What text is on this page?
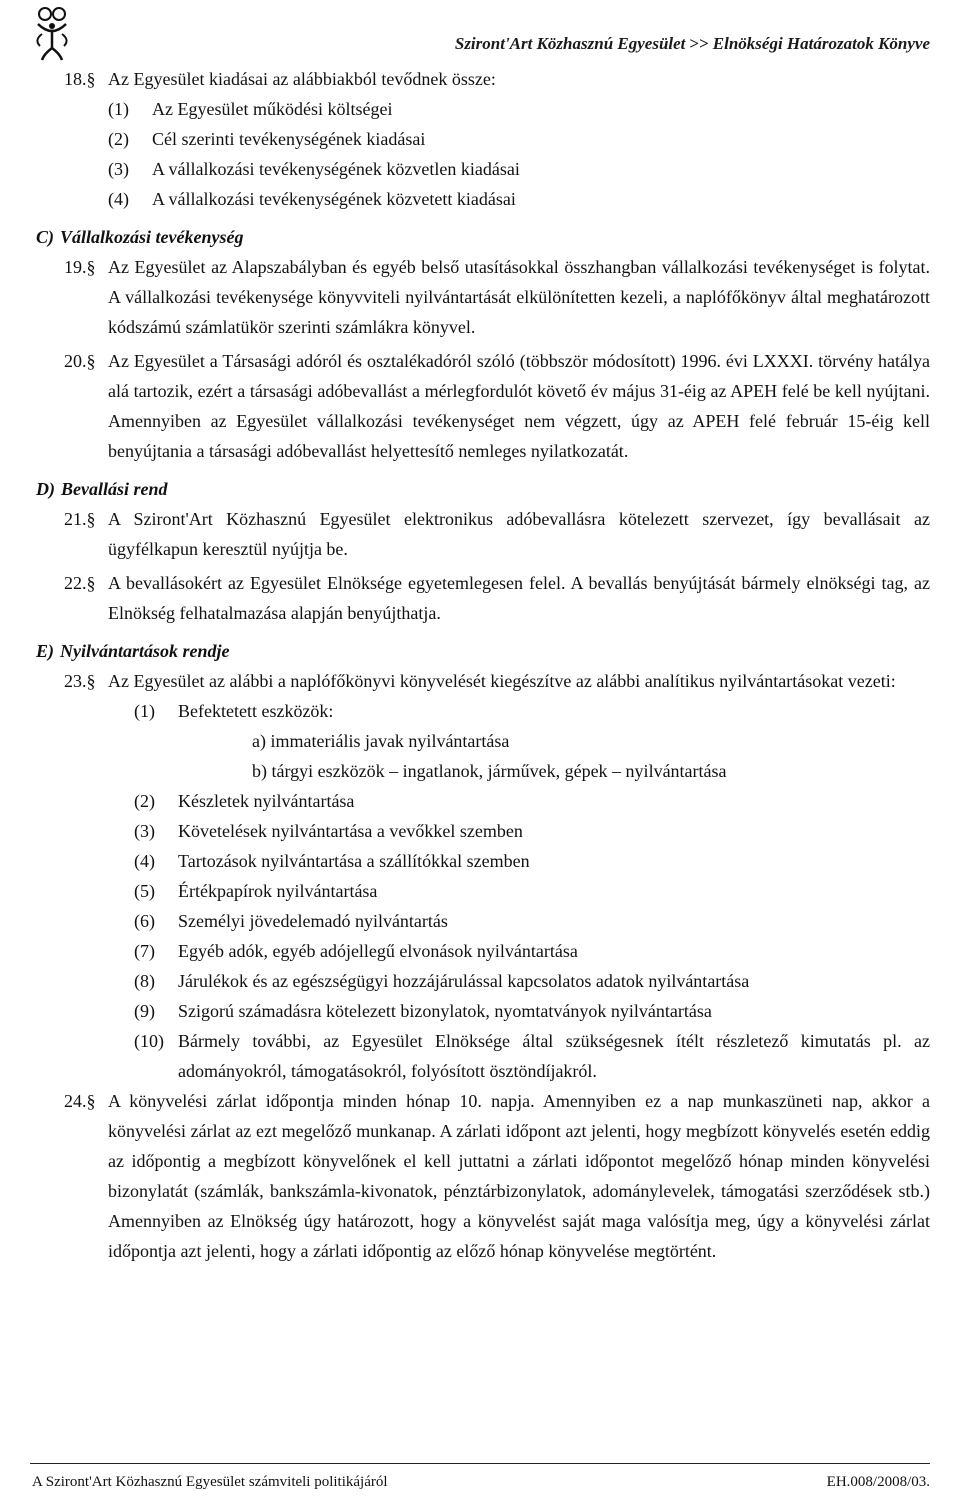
Sziront'Art Közhasznú Egyesület >> Elnökségi Határozatok Könyve
18.§ Az Egyesület kiadásai az alábbiakból tevődnek össze:
(1) Az Egyesület működési költségei
(2) Cél szerinti tevékenységének kiadásai
(3) A vállalkozási tevékenységének közvetlen kiadásai
(4) A vállalkozási tevékenységének közvetett kiadásai
C) Vállalkozási tevékenység
19.§ Az Egyesület az Alapszabályban és egyéb belső utasításokkal összhangban vállalkozási tevékenységet is folytat. A vállalkozási tevékenysége könyvviteli nyilvántartását elkülönítetten kezeli, a naplófőkönyv által meghatározott kódszámú számlatükör szerinti számlákra könyvel.
20.§ Az Egyesület a Társasági adóról és osztalékadóról szóló (többször módosított) 1996. évi LXXXI. törvény hatálya alá tartozik, ezért a társasági adóbevallást a mérlegfordulót követő év május 31-éig az APEH felé be kell nyújtani. Amennyiben az Egyesület vállalkozási tevékenységet nem végzett, úgy az APEH felé február 15-éig kell benyújtania a társasági adóbevallást helyettesítő nemleges nyilatkozatát.
D) Bevallási rend
21.§ A Sziront'Art Közhasznú Egyesület elektronikus adóbevallásra kötelezett szervezet, így bevallásait az ügyfélkapun keresztül nyújtja be.
22.§ A bevallásokért az Egyesület Elnöksége egyetemlegesen felel. A bevallás benyújtását bármely elnökségi tag, az Elnökség felhatalmazása alapján benyújthatja.
E) Nyilvántartások rendje
23.§ Az Egyesület az alábbi a naplófőkönyvi könyvelését kiegészítve az alábbi analítikus nyilvántartásokat vezeti:
(1) Befektetett eszközök:
a) immateriális javak nyilvántartása
b) tárgyi eszközök – ingatlanok, járművek, gépek – nyilvántartása
(2) Készletek nyilvántartása
(3) Követelések nyilvántartása a vevőkkel szemben
(4) Tartozások nyilvántartása a szállítókkal szemben
(5) Értékpapírok nyilvántartása
(6) Személyi jövedelemadó nyilvántartás
(7) Egyéb adók, egyéb adójellegű elvonások nyilvántartása
(8) Járulékok és az egészségügyi hozzájárulással kapcsolatos adatok nyilvántartása
(9) Szigorú számadásra kötelezett bizonylatok, nyomtatványok nyilvántartása
(10) Bármely további, az Egyesület Elnöksége által szükségesnek ítélt részletező kimutatás pl. az adományokról, támogatásokról, folyósított ösztöndíjakról.
24.§ A könyvelési zárlat időpontja minden hónap 10. napja. Amennyiben ez a nap munkaszüneti nap, akkor a könyvelési zárlat az ezt megelőző munkanap. A zárlati időpont azt jelenti, hogy megbízott könyvelés esetén eddig az időpontig a megbízott könyvelőnek el kell juttatni a zárlati időpontot megelőző hónap minden könyvelési bizonylatát (számlák, bankszámla-kivonatok, pénztárbizonylatok, adománylevelek, támogatási szerződések stb.) Amennyiben az Elnökség úgy határozott, hogy a könyvelést saját maga valósítja meg, úgy a könyvelési zárlat időpontja azt jelenti, hogy a zárlati időpontig az előző hónap könyvelése megtörtént.
A Sziront'Art Közhasznú Egyesület számviteli politikájáról	EH.008/2008/03.
